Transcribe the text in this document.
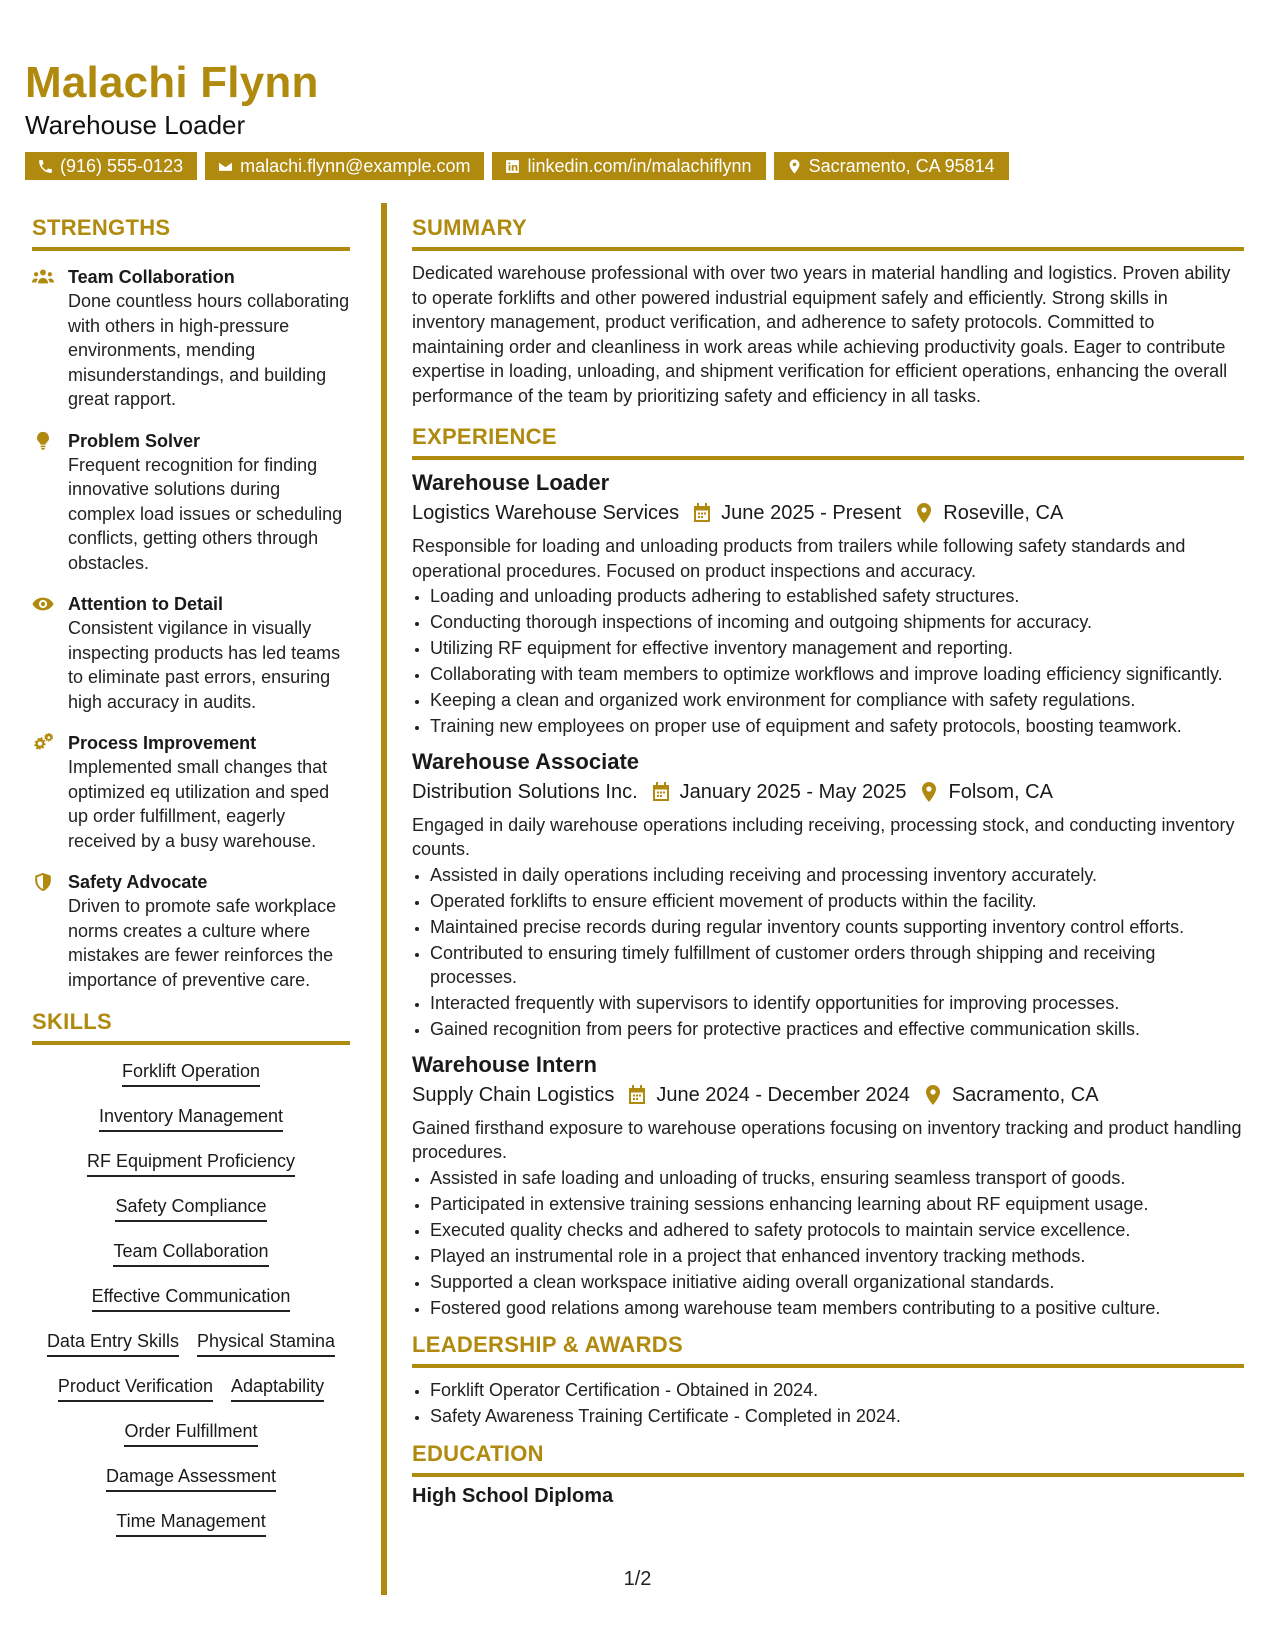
Malachi Flynn
Warehouse Loader
(916) 555-0123	malachi.flynn@example.com	linkedin.com/in/malachiflynn	Sacramento, CA 95814
STRENGTHS
Team Collaboration
Done countless hours collaborating with others in high-pressure environments, mending misunderstandings, and building great rapport.
Problem Solver
Frequent recognition for finding innovative solutions during complex load issues or scheduling conflicts, getting others through obstacles.
Attention to Detail
Consistent vigilance in visually inspecting products has led teams to eliminate past errors, ensuring high accuracy in audits.
Process Improvement
Implemented small changes that optimized eq utilization and sped up order fulfillment, eagerly received by a busy warehouse.
Safety Advocate
Driven to promote safe workplace norms creates a culture where mistakes are fewer reinforces the importance of preventive care.
SKILLS
Forklift Operation
Inventory Management
RF Equipment Proficiency
Safety Compliance
Team Collaboration
Effective Communication
Data Entry Skills Physical Stamina
Product Verification Adaptability
Order Fulfillment
Damage Assessment
Time Management
SUMMARY
Dedicated warehouse professional with over two years in material handling and logistics. Proven ability to operate forklifts and other powered industrial equipment safely and efficiently. Strong skills in inventory management, product verification, and adherence to safety protocols. Committed to maintaining order and cleanliness in work areas while achieving productivity goals. Eager to contribute expertise in loading, unloading, and shipment verification for efficient operations, enhancing the overall performance of the team by prioritizing safety and efficiency in all tasks.
EXPERIENCE
Warehouse Loader
Logistics Warehouse Services June 2025 - Present Roseville, CA
Responsible for loading and unloading products from trailers while following safety standards and operational procedures. Focused on product inspections and accuracy.
• Loading and unloading products adhering to established safety structures.
• Conducting thorough inspections of incoming and outgoing shipments for accuracy.
• Utilizing RF equipment for effective inventory management and reporting.
• Collaborating with team members to optimize workflows and improve loading efficiency significantly.
• Keeping a clean and organized work environment for compliance with safety regulations.
• Training new employees on proper use of equipment and safety protocols, boosting teamwork.
Warehouse Associate
Distribution Solutions Inc. January 2025 - May 2025 Folsom, CA
Engaged in daily warehouse operations including receiving, processing stock, and conducting inventory counts.
• Assisted in daily operations including receiving and processing inventory accurately.
• Operated forklifts to ensure efficient movement of products within the facility.
• Maintained precise records during regular inventory counts supporting inventory control efforts.
• Contributed to ensuring timely fulfillment of customer orders through shipping and receiving processes.
• Interacted frequently with supervisors to identify opportunities for improving processes.
• Gained recognition from peers for protective practices and effective communication skills.
Warehouse Intern
Supply Chain Logistics June 2024 - December 2024 Sacramento, CA
Gained firsthand exposure to warehouse operations focusing on inventory tracking and product handling procedures.
• Assisted in safe loading and unloading of trucks, ensuring seamless transport of goods.
• Participated in extensive training sessions enhancing learning about RF equipment usage.
• Executed quality checks and adhered to safety protocols to maintain service excellence.
• Played an instrumental role in a project that enhanced inventory tracking methods.
• Supported a clean workspace initiative aiding overall organizational standards.
• Fostered good relations among warehouse team members contributing to a positive culture.
LEADERSHIP & AWARDS
• Forklift Operator Certification - Obtained in 2024.
• Safety Awareness Training Certificate - Completed in 2024.
EDUCATION
High School Diploma
1/2
